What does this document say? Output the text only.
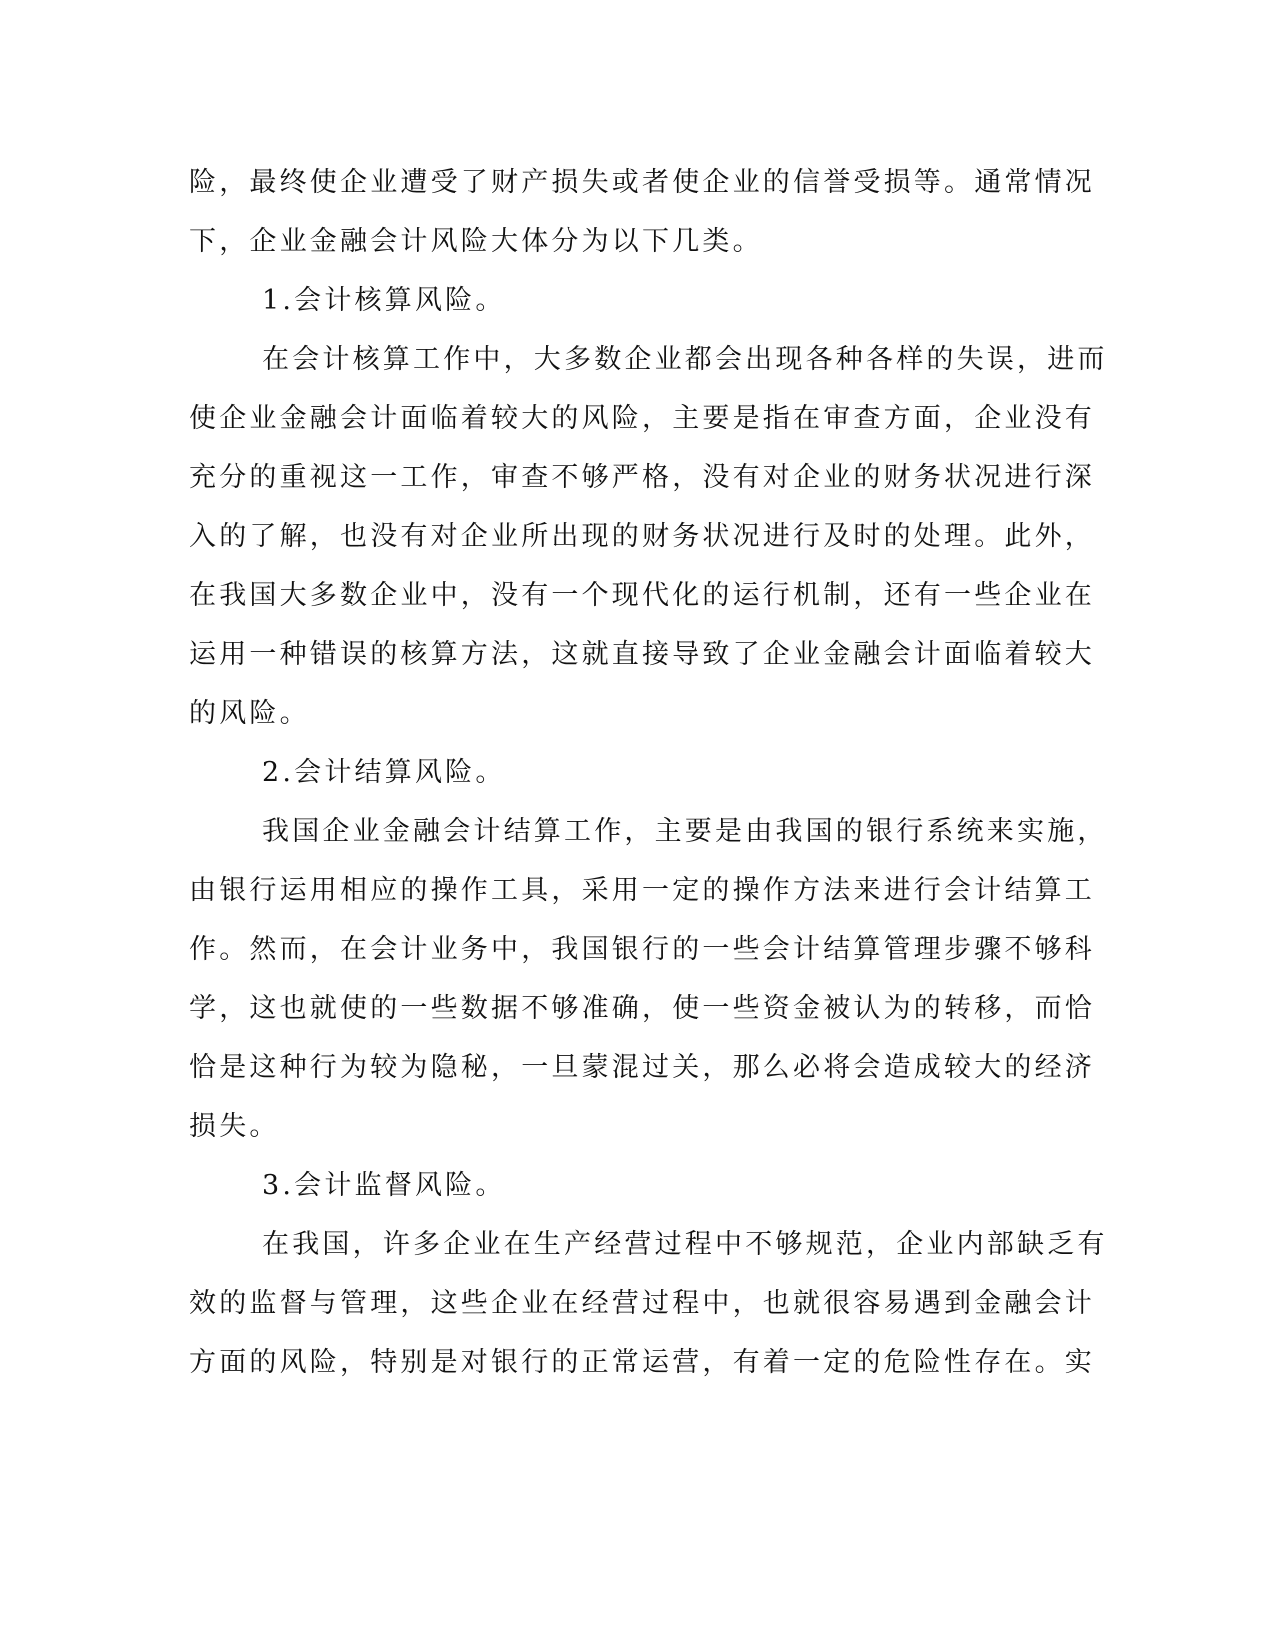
险，最终使企业遭受了财产损失或者使企业的信誉受损等。通常情况
下，企业金融会计风险大体分为以下几类。
1.会计核算风险。
在会计核算工作中，大多数企业都会出现各种各样的失误，进而
使企业金融会计面临着较大的风险，主要是指在审查方面，企业没有
充分的重视这一工作，审查不够严格，没有对企业的财务状况进行深
入的了解，也没有对企业所出现的财务状况进行及时的处理。此外，
在我国大多数企业中，没有一个现代化的运行机制，还有一些企业在
运用一种错误的核算方法，这就直接导致了企业金融会计面临着较大
的风险。
2.会计结算风险。
我国企业金融会计结算工作，主要是由我国的银行系统来实施，
由银行运用相应的操作工具，采用一定的操作方法来进行会计结算工
作。然而，在会计业务中，我国银行的一些会计结算管理步骤不够科
学，这也就使的一些数据不够准确，使一些资金被认为的转移，而恰
恰是这种行为较为隐秘，一旦蒙混过关，那么必将会造成较大的经济
损失。
3.会计监督风险。
在我国，许多企业在生产经营过程中不够规范，企业内部缺乏有
效的监督与管理，这些企业在经营过程中，也就很容易遇到金融会计
方面的风险，特别是对银行的正常运营，有着一定的危险性存在。实
